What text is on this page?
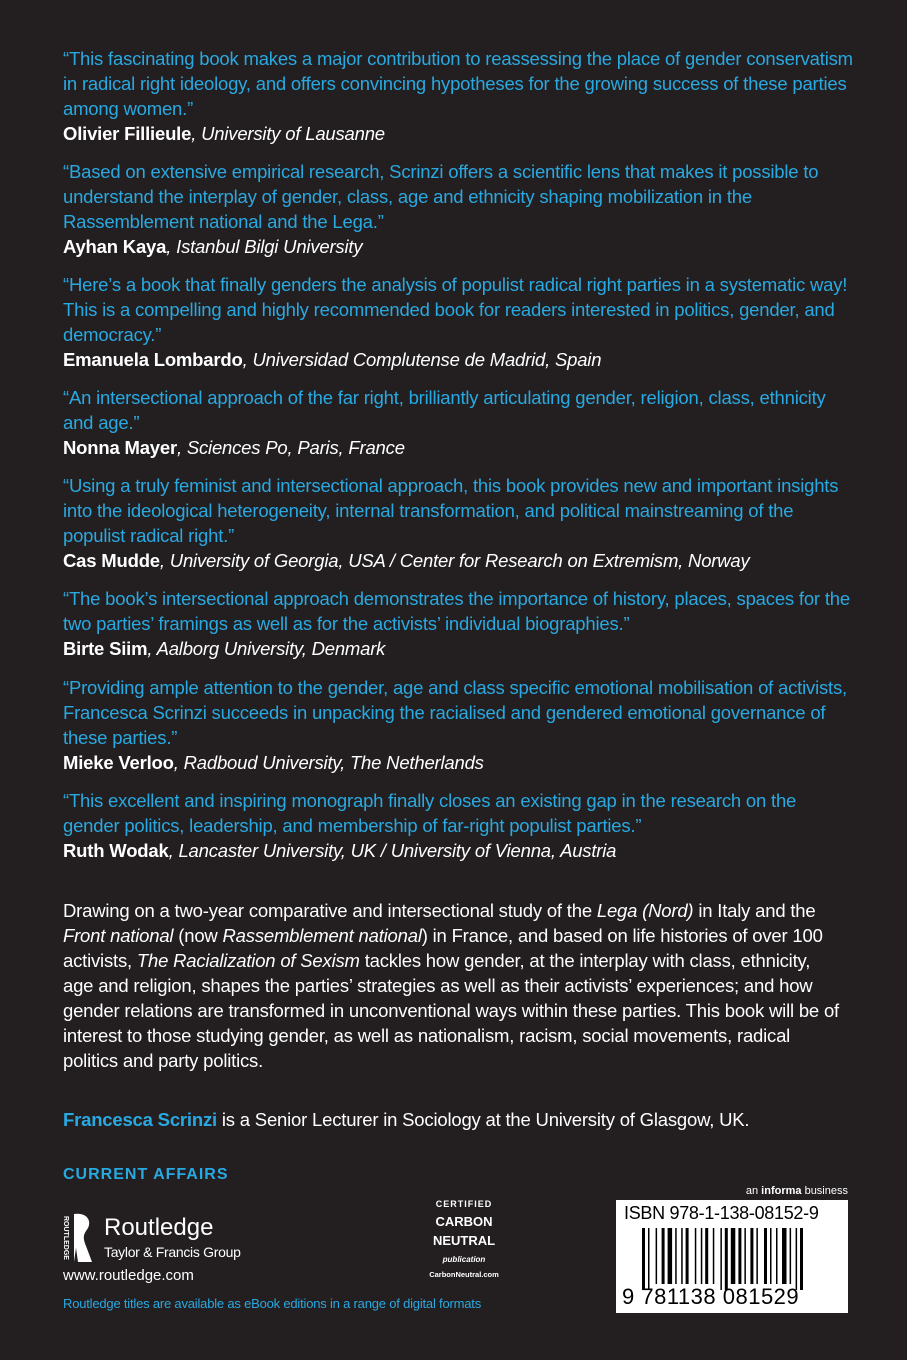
“This fascinating book makes a major contribution to reassessing the place of gender conservatism in radical right ideology, and offers convincing hypotheses for the growing success of these parties among women.”
Olivier Fillieule, University of Lausanne
“Based on extensive empirical research, Scrinzi offers a scientific lens that makes it possible to understand the interplay of gender, class, age and ethnicity shaping mobilization in the Rassemblement national and the Lega.”
Ayhan Kaya, Istanbul Bilgi University
“Here’s a book that finally genders the analysis of populist radical right parties in a systematic way! This is a compelling and highly recommended book for readers interested in politics, gender, and democracy.”
Emanuela Lombardo, Universidad Complutense de Madrid, Spain
“An intersectional approach of the far right, brilliantly articulating gender, religion, class, ethnicity and age.”
Nonna Mayer, Sciences Po, Paris, France
“Using a truly feminist and intersectional approach, this book provides new and important insights into the ideological heterogeneity, internal transformation, and political mainstreaming of the populist radical right.”
Cas Mudde, University of Georgia, USA / Center for Research on Extremism, Norway
“The book’s intersectional approach demonstrates the importance of history, places, spaces for the two parties’ framings as well as for the activists’ individual biographies.”
Birte Siim, Aalborg University, Denmark
“Providing ample attention to the gender, age and class specific emotional mobilisation of activists, Francesca Scrinzi succeeds in unpacking the racialised and gendered emotional governance of these parties.”
Mieke Verloo, Radboud University, The Netherlands
“This excellent and inspiring monograph finally closes an existing gap in the research on the gender politics, leadership, and membership of far-right populist parties.”
Ruth Wodak, Lancaster University, UK / University of Vienna, Austria
Drawing on a two-year comparative and intersectional study of the Lega (Nord) in Italy and the Front national (now Rassemblement national) in France, and based on life histories of over 100 activists, The Racialization of Sexism tackles how gender, at the interplay with class, ethnicity, age and religion, shapes the parties’ strategies as well as their activists’ experiences; and how gender relations are transformed in unconventional ways within these parties. This book will be of interest to those studying gender, as well as nationalism, racism, social movements, radical politics and party politics.
Francesca Scrinzi is a Senior Lecturer in Sociology at the University of Glasgow, UK.
CURRENT AFFAIRS
ROUTLEDGE Routledge
Taylor & Francis Group
www.routledge.com
Routledge titles are available as eBook editions in a range of digital formats
CERTIFIED
CARBON
NEUTRAL
publication
CarbonNeutral.com
an informa business
ISBN 978-1-138-08152-9
9 781138 081529
